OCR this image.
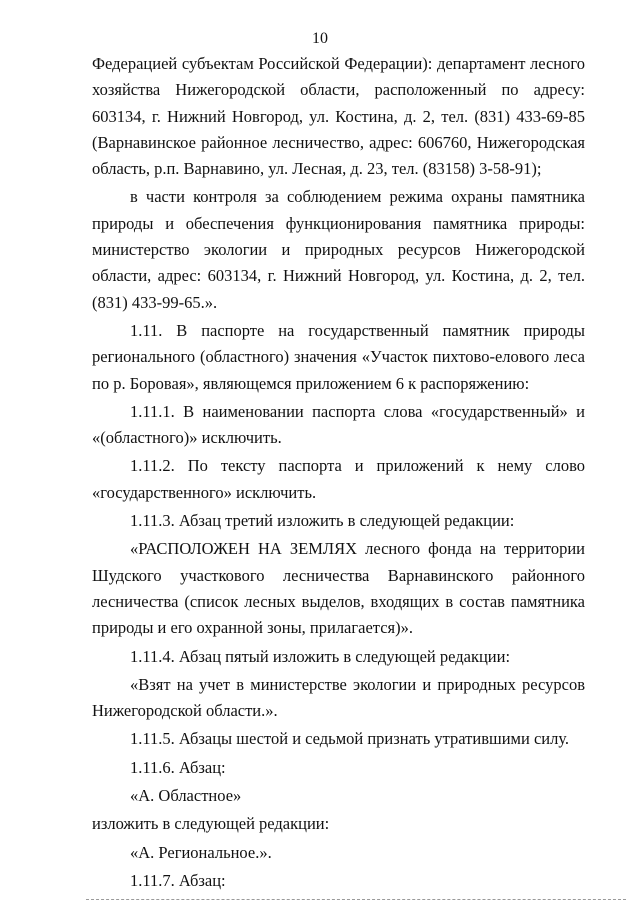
10

Федерацией субъектам Российской Федерации): департамент лесного хозяйства Нижегородской области, расположенный по адресу: 603134, г. Нижний Новгород, ул. Костина, д. 2, тел. (831) 433-69-85 (Варнавинское районное лесничество, адрес: 606760, Нижегородская область, р.п. Варнавино, ул. Лесная, д. 23, тел. (83158) 3-58-91);

в части контроля за соблюдением режима охраны памятника природы и обеспечения функционирования памятника природы: министерство экологии и природных ресурсов Нижегородской области, адрес: 603134, г. Нижний Новгород, ул. Костина, д. 2, тел. (831) 433-99-65.».

1.11. В паспорте на государственный памятник природы регионального (областного) значения «Участок пихтово-елового леса по р. Боровая», являющемся приложением 6 к распоряжению:

1.11.1. В наименовании паспорта слова «государственный» и «(областного)» исключить.

1.11.2. По тексту паспорта и приложений к нему слово «государственного» исключить.

1.11.3. Абзац третий изложить в следующей редакции:

«РАСПОЛОЖЕН НА ЗЕМЛЯХ лесного фонда на территории Шудского участкового лесничества Варнавинского районного лесничества (список лесных выделов, входящих в состав памятника природы и его охранной зоны, прилагается)».

1.11.4. Абзац пятый изложить в следующей редакции:

«Взят на учет в министерстве экологии и природных ресурсов Нижегородской области.».

1.11.5. Абзацы шестой и седьмой признать утратившими силу.

1.11.6. Абзац:

«А. Областное»

изложить в следующей редакции:

«А. Региональное.».

1.11.7. Абзац:
